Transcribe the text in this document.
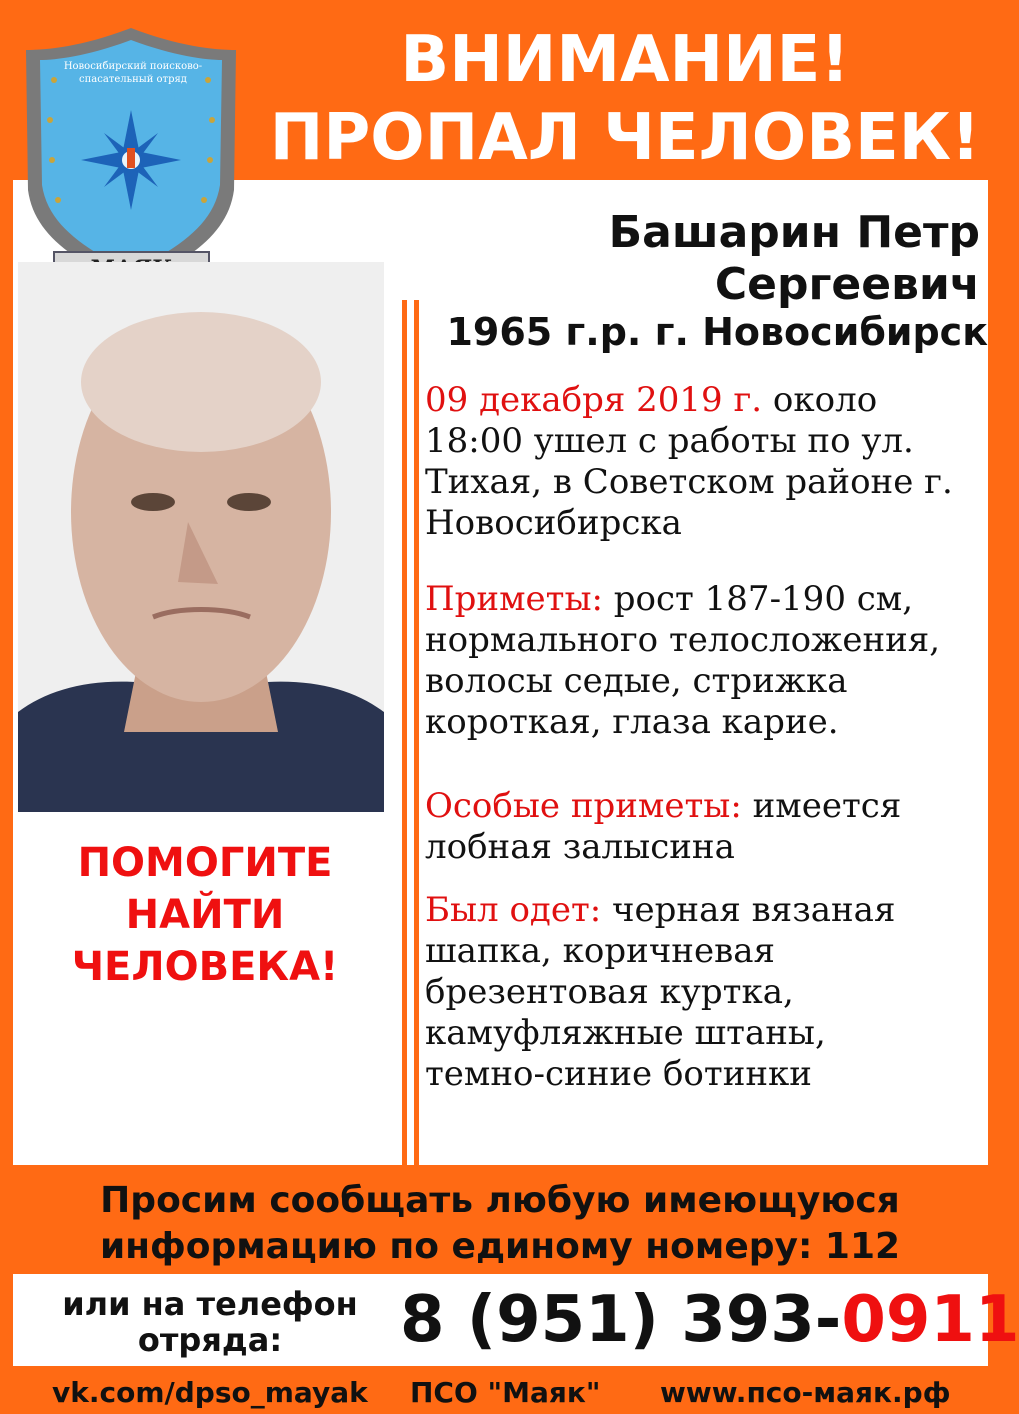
ВНИМАНИЕ!
ПРОПАЛ ЧЕЛОВЕК!
Новосибирский поисково-спасательный отряд
Башарин Петр
Сергеевич
1965 г.р. г. Новосибирск
09 декабря 2019 г. около 18:00 ушел с работы по ул. Тихая, в Советском районе г. Новосибирска
Приметы: рост 187-190 см, нормального телосложения, волосы седые, стрижка короткая, глаза карие.
Особые приметы: имеется лобная залысина
Был одет: черная вязаная шапка, коричневая брезентовая куртка, камуфляжные штаны, темно-синие ботинки
ПОМОГИТЕ
НАЙТИ
ЧЕЛОВЕКА!
Просим сообщать любую имеющуюся
информацию по единому номеру: 112
или на телефон
отряда:	8 (951) 393-0911
vk.com/dpso_mayak ПСО "Маяк" www.псо-маяк.рф
